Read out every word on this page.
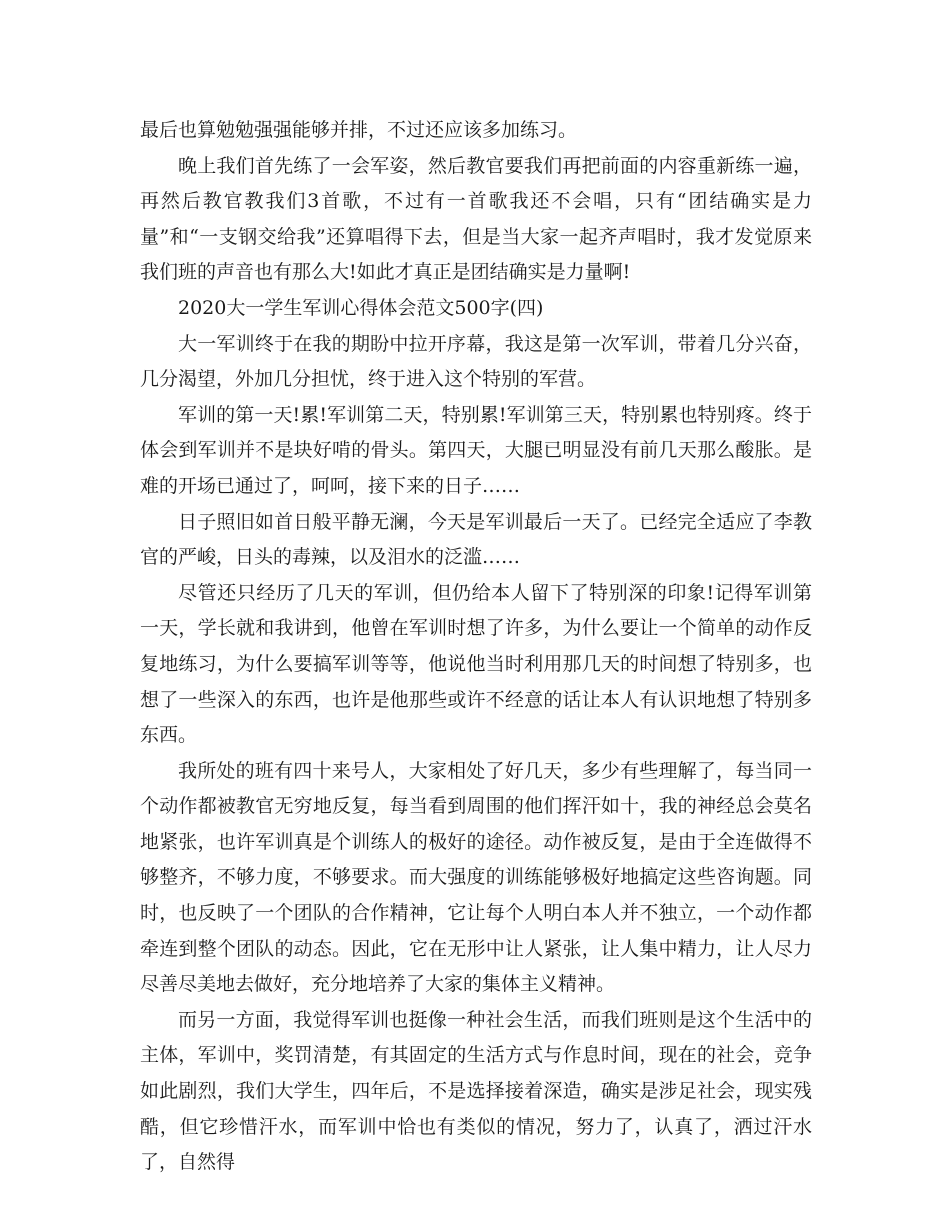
最后也算勉勉强强能够并排，不过还应该多加练习。

晚上我们首先练了一会军姿，然后教官要我们再把前面的内容重新练一遍，再然后教官教我们3首歌，不过有一首歌我还不会唱，只有“团结确实是力量”和“一支钢交给我”还算唱得下去，但是当大家一起齐声唱时，我才发觉原来我们班的声音也有那么大!如此才真正是团结确实是力量啊!

2020大一学生军训心得体会范文500字(四)

大一军训终于在我的期盼中拉开序幕，我这是第一次军训，带着几分兴奋，几分渴望，外加几分担忧，终于进入这个特别的军营。

军训的第一天!累!军训第二天，特别累!军训第三天，特别累也特别疼。终于体会到军训并不是块好啃的骨头。第四天，大腿已明显没有前几天那么酸胀。是难的开场已通过了，呵呵，接下来的日子……

日子照旧如首日般平静无澜，今天是军训最后一天了。已经完全适应了李教官的严峻，日头的毒辣，以及泪水的泛滥……

尽管还只经历了几天的军训，但仍给本人留下了特别深的印象!记得军训第一天，学长就和我讲到，他曾在军训时想了许多，为什么要让一个简单的动作反复地练习，为什么要搞军训等等，他说他当时利用那几天的时间想了特别多，也想了一些深入的东西，也许是他那些或许不经意的话让本人有认识地想了特别多东西。

我所处的班有四十来号人，大家相处了好几天，多少有些理解了，每当同一个动作都被教官无穷地反复，每当看到周围的他们挥汗如十，我的神经总会莫名地紧张，也许军训真是个训练人的极好的途径。动作被反复，是由于全连做得不够整齐，不够力度，不够要求。而大强度的训练能够极好地搞定这些咨询题。同时，也反映了一个团队的合作精神，它让每个人明白本人并不独立，一个动作都牵连到整个团队的动态。因此，它在无形中让人紧张，让人集中精力，让人尽力尽善尽美地去做好，充分地培养了大家的集体主义精神。

而另一方面，我觉得军训也挺像一种社会生活，而我们班则是这个生活中的主体，军训中，奖罚清楚，有其固定的生活方式与作息时间，现在的社会，竞争如此剧烈，我们大学生，四年后，不是选择接着深造，确实是涉足社会，现实残酷，但它珍惜汗水，而军训中恰也有类似的情况，努力了，认真了，洒过汗水了，自然得
